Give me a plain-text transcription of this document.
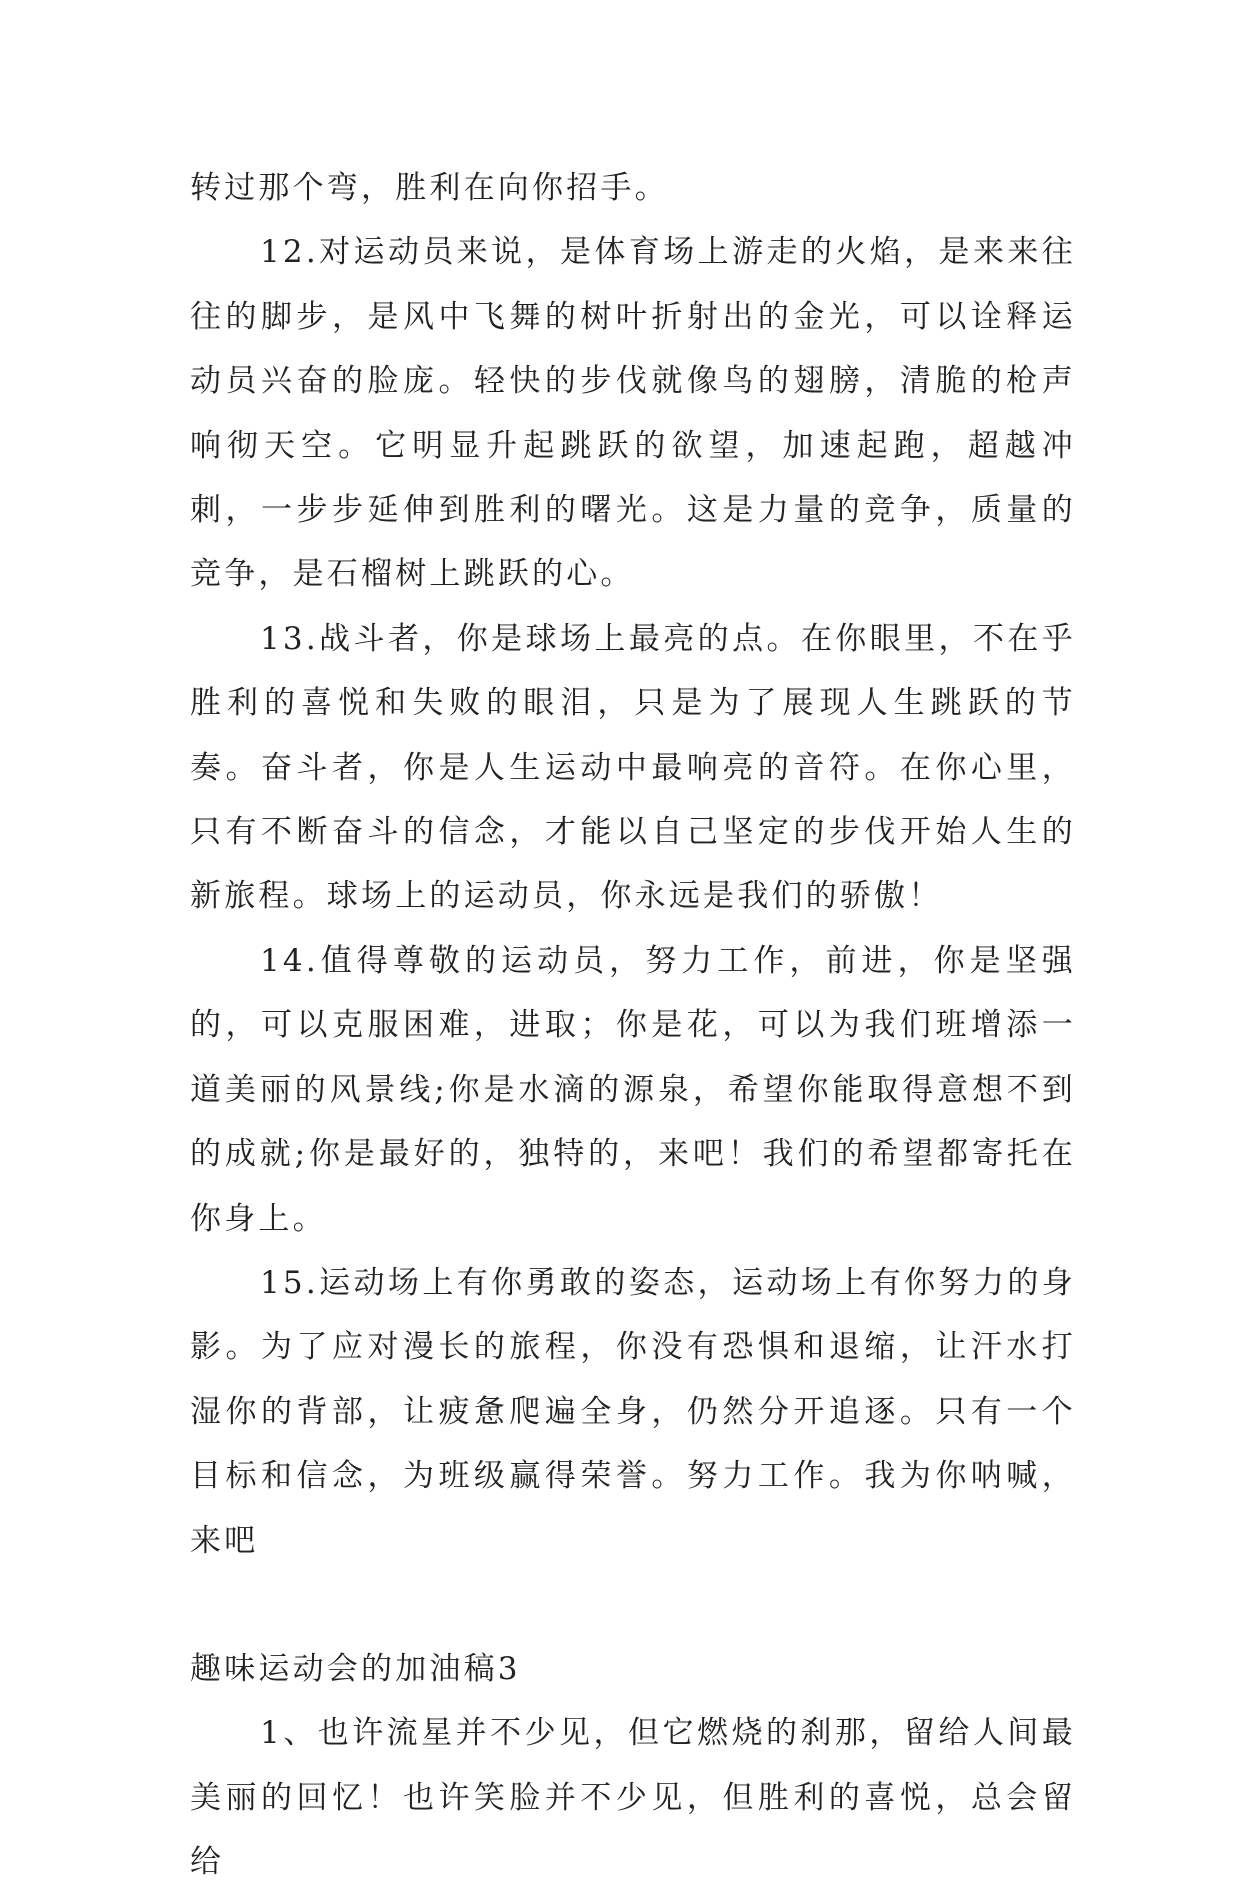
转过那个弯，胜利在向你招手。

12.对运动员来说，是体育场上游走的火焰，是来来往往的脚步，是风中飞舞的树叶折射出的金光，可以诠释运动员兴奋的脸庞。轻快的步伐就像鸟的翅膀，清脆的枪声响彻天空。它明显升起跳跃的欲望，加速起跑，超越冲刺，一步步延伸到胜利的曙光。这是力量的竞争，质量的竞争，是石榴树上跳跃的心。

13.战斗者，你是球场上最亮的点。在你眼里，不在乎胜利的喜悦和失败的眼泪，只是为了展现人生跳跃的节奏。奋斗者，你是人生运动中最响亮的音符。在你心里，只有不断奋斗的信念，才能以自己坚定的步伐开始人生的新旅程。球场上的运动员，你永远是我们的骄傲！

14.值得尊敬的运动员，努力工作，前进，你是坚强的，可以克服困难，进取；你是花，可以为我们班增添一道美丽的风景线;你是水滴的源泉，希望你能取得意想不到的成就;你是最好的，独特的，来吧！我们的希望都寄托在你身上。

15.运动场上有你勇敢的姿态，运动场上有你努力的身影。为了应对漫长的旅程，你没有恐惧和退缩，让汗水打湿你的背部，让疲惫爬遍全身，仍然分开追逐。只有一个目标和信念，为班级赢得荣誉。努力工作。我为你呐喊，来吧

趣味运动会的加油稿3

1、也许流星并不少见，但它燃烧的刹那，留给人间最美丽的回忆！也许笑脸并不少见，但胜利的喜悦，总会留给
